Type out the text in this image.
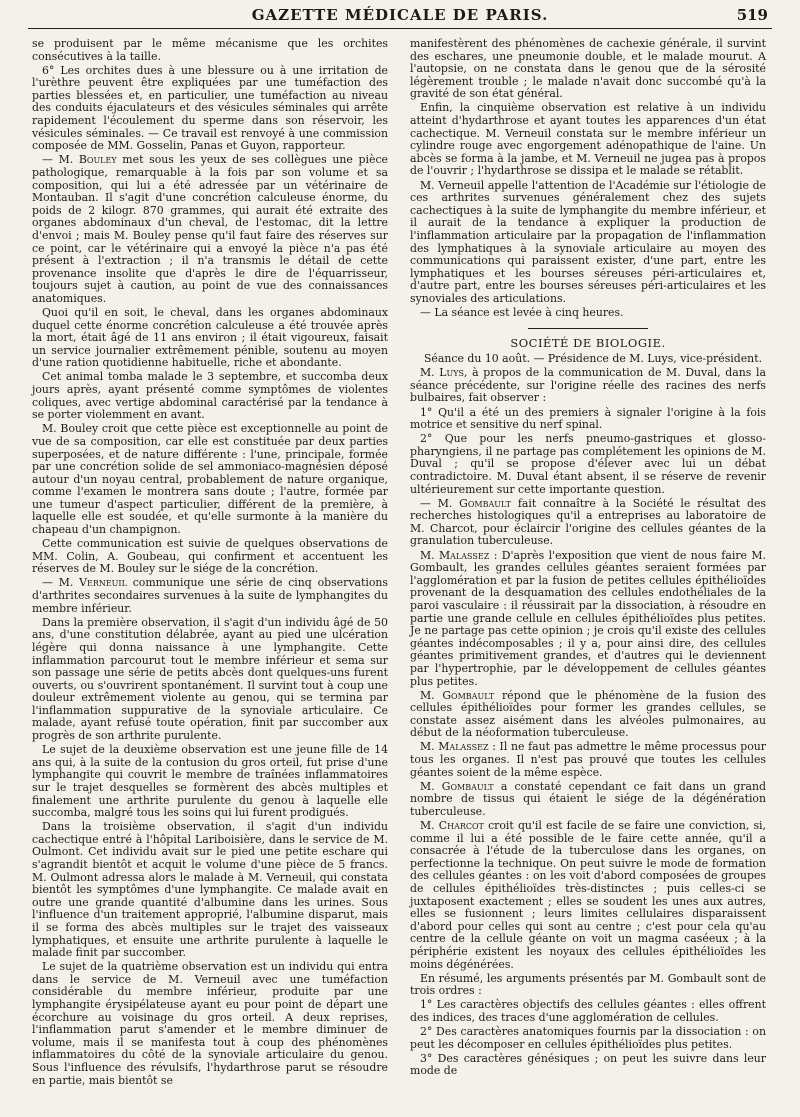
GAZETTE MÉDICALE DE PARIS.	519

se produisent par le même mécanisme que les orchites consécutives à la taille.

6° Les orchites dues à une blessure ou à une irritation de l'urèthre peuvent être expliquées par une tuméfaction des parties blessées et, en particulier, une tuméfaction au niveau des conduits éjaculateurs et des vésicules séminales qui arrête rapidement l'écoulement du sperme dans son réservoir, les vésicules séminales. — Ce travail est renvoyé à une commission composée de MM. Gosselin, Panas et Guyon, rapporteur.

— M. Bouley met sous les yeux de ses collègues une pièce pathologique, remarquable à la fois par son volume et sa composition, qui lui a été adressée par un vétérinaire de Montauban. Il s'agit d'une concrétion calculeuse énorme, du poids de 2 kilogr. 870 grammes, qui aurait été extraite des organes abdominaux d'un cheval, de l'estomac, dit la lettre d'envoi ; mais M. Bouley pense qu'il faut faire des réserves sur ce point, car le vétérinaire qui a envoyé la pièce n'a pas été présent à l'extraction ; il n'a transmis le détail de cette provenance insolite que d'après le dire de l'équarrisseur, toujours sujet à caution, au point de vue des connaissances anatomiques.

Quoi qu'il en soit, le cheval, dans les organes abdominaux duquel cette énorme concrétion calculeuse a été trouvée après la mort, était âgé de 11 ans environ ; il était vigoureux, faisait un service journalier extrêmement pénible, soutenu au moyen d'une ration quotidienne habituelle, riche et abondante.

Cet animal tomba malade le 3 septembre, et succomba deux jours après, ayant présenté comme symptômes de violentes coliques, avec vertige abdominal caractérisé par la tendance à se porter violemment en avant.

M. Bouley croit que cette pièce est exceptionnelle au point de vue de sa composition, car elle est constituée par deux parties superposées, et de nature différente : l'une, principale, formée par une concrétion solide de sel ammoniaco-magnésien déposé autour d'un noyau central, probablement de nature organique, comme l'examen le montrera sans doute ; l'autre, formée par une tumeur d'aspect particulier, différent de la première, à laquelle elle est soudée, et qu'elle surmonte à la manière du chapeau d'un champignon.

Cette communication est suivie de quelques observations de MM. Colin, A. Goubeau, qui confirment et accentuent les réserves de M. Bouley sur le siége de la concrétion.

— M. Verneuil communique une série de cinq observations d'arthrites secondaires survenues à la suite de lymphangites du membre inférieur.

Dans la première observation, il s'agit d'un individu âgé de 50 ans, d'une constitution délabrée, ayant au pied une ulcération légère qui donna naissance à une lymphangite. Cette inflammation parcourut tout le membre inférieur et sema sur son passage une série de petits abcès dont quelques-uns furent ouverts, ou s'ouvrirent spontanément. Il survint tout à coup une douleur extrêmement violente au genou, qui se termina par l'inflammation suppurative de la synoviale articulaire. Ce malade, ayant refusé toute opération, finit par succomber aux progrès de son arthrite purulente.

Le sujet de la deuxième observation est une jeune fille de 14 ans qui, à la suite de la contusion du gros orteil, fut prise d'une lymphangite qui couvrit le membre de traînées inflammatoires sur le trajet desquelles se formèrent des abcès multiples et finalement une arthrite purulente du genou à laquelle elle succomba, malgré tous les soins qui lui furent prodigués.

Dans la troisième observation, il s'agit d'un individu cachectique entré à l'hôpital Lariboisière, dans le service de M. Oulmont. Cet individu avait sur le pied une petite eschare qui s'agrandit bientôt et acquit le volume d'une pièce de 5 francs. M. Oulmont adressa alors le malade à M. Verneuil, qui constata bientôt les symptômes d'une lymphangite. Ce malade avait en outre une grande quantité d'albumine dans les urines. Sous l'influence d'un traitement approprié, l'albumine disparut, mais il se forma des abcès multiples sur le trajet des vaisseaux lymphatiques, et ensuite une arthrite purulente à laquelle le malade finit par succomber.

Le sujet de la quatrième observation est un individu qui entra dans le service de M. Verneuil avec une tuméfaction considérable du membre inférieur, produite par une lymphangite érysipélateuse ayant eu pour point de départ une écorchure au voisinage du gros orteil. A deux reprises, l'inflammation parut s'amender et le membre diminuer de volume, mais il se manifesta tout à coup des phénomènes inflammatoires du côté de la synoviale articulaire du genou. Sous l'influence des révulsifs, l'hydarthrose parut se résoudre en partie, mais bientôt se

manifestèrent des phénomènes de cachexie générale, il survint des eschares, une pneumonie double, et le malade mourut. A l'autopsie, on ne constata dans le genou que de la sérosité légèrement trouble ; le malade n'avait donc succombé qu'à la gravité de son état général.

Enfin, la cinquième observation est relative à un individu atteint d'hydarthrose et ayant toutes les apparences d'un état cachectique. M. Verneuil constata sur le membre inférieur un cylindre rouge avec engorgement adénopathique de l'aine. Un abcès se forma à la jambe, et M. Verneuil ne jugea pas à propos de l'ouvrir ; l'hydarthrose se dissipa et le malade se rétablit.

M. Verneuil appelle l'attention de l'Académie sur l'étiologie de ces arthrites survenues généralement chez des sujets cachectiques à la suite de lymphangite du membre inférieur, et il aurait de la tendance à expliquer la production de l'inflammation articulaire par la propagation de l'inflammation des lymphatiques à la synoviale articulaire au moyen des communications qui paraissent exister, d'une part, entre les lymphatiques et les bourses séreuses péri-articulaires et, d'autre part, entre les bourses séreuses péri-articulaires et les synoviales des articulations.

— La séance est levée à cinq heures.

SOCIÉTÉ DE BIOLOGIE.

Séance du 10 août. — Présidence de M. Luys, vice-président.

M. Luys, à propos de la communication de M. Duval, dans la séance précédente, sur l'origine réelle des racines des nerfs bulbaires, fait observer :

1° Qu'il a été un des premiers à signaler l'origine à la fois motrice et sensitive du nerf spinal.

2° Que pour les nerfs pneumo-gastriques et glosso-pharyngiens, il ne partage pas complétement les opinions de M. Duval ; qu'il se propose d'élever avec lui un débat contradictoire. M. Duval étant absent, il se réserve de revenir ultérieurement sur cette importante question.

— M. Gombault fait connaître à la Société le résultat des recherches histologiques qu'il a entreprises au laboratoire de M. Charcot, pour éclaircir l'origine des cellules géantes de la granulation tuberculeuse.

M. Malassez : D'après l'exposition que vient de nous faire M. Gombault, les grandes cellules géantes seraient formées par l'agglomération et par la fusion de petites cellules épithélioïdes provenant de la desquamation des cellules endothéliales de la paroi vasculaire : il réussirait par la dissociation, à résoudre en partie une grande cellule en cellules épithélioïdes plus petites. Je ne partage pas cette opinion ; je crois qu'il existe des cellules géantes indécomposables ; il y a, pour ainsi dire, des cellules géantes primitivement grandes, et d'autres qui le deviennent par l'hypertrophie, par le développement de cellules géantes plus petites.

M. Gombault répond que le phénomène de la fusion des cellules épithélioïdes pour former les grandes cellules, se constate assez aisément dans les alvéoles pulmonaires, au début de la néoformation tuberculeuse.

M. Malassez : Il ne faut pas admettre le même processus pour tous les organes. Il n'est pas prouvé que toutes les cellules géantes soient de la même espèce.

M. Gombault a constaté cependant ce fait dans un grand nombre de tissus qui étaient le siége de la dégénération tuberculeuse.

M. Charcot croit qu'il est facile de se faire une conviction, si, comme il lui a été possible de le faire cette année, qu'il a consacrée à l'étude de la tuberculose dans les organes, on perfectionne la technique. On peut suivre le mode de formation des cellules géantes : on les voit d'abord composées de groupes de cellules épithélioïdes très-distinctes ; puis celles-ci se juxtaposent exactement ; elles se soudent les unes aux autres, elles se fusionnent ; leurs limites cellulaires disparaissent d'abord pour celles qui sont au centre ; c'est pour cela qu'au centre de la cellule géante on voit un magma caséeux ; à la périphérie existent les noyaux des cellules épithélioïdes les moins dégénérées.

En résumé, les arguments présentés par M. Gombault sont de trois ordres :

1° Les caractères objectifs des cellules géantes : elles offrent des indices, des traces d'une agglomération de cellules.

2° Des caractères anatomiques fournis par la dissociation : on peut les décomposer en cellules épithélioïdes plus petites.

3° Des caractères génésiques ; on peut les suivre dans leur mode de
